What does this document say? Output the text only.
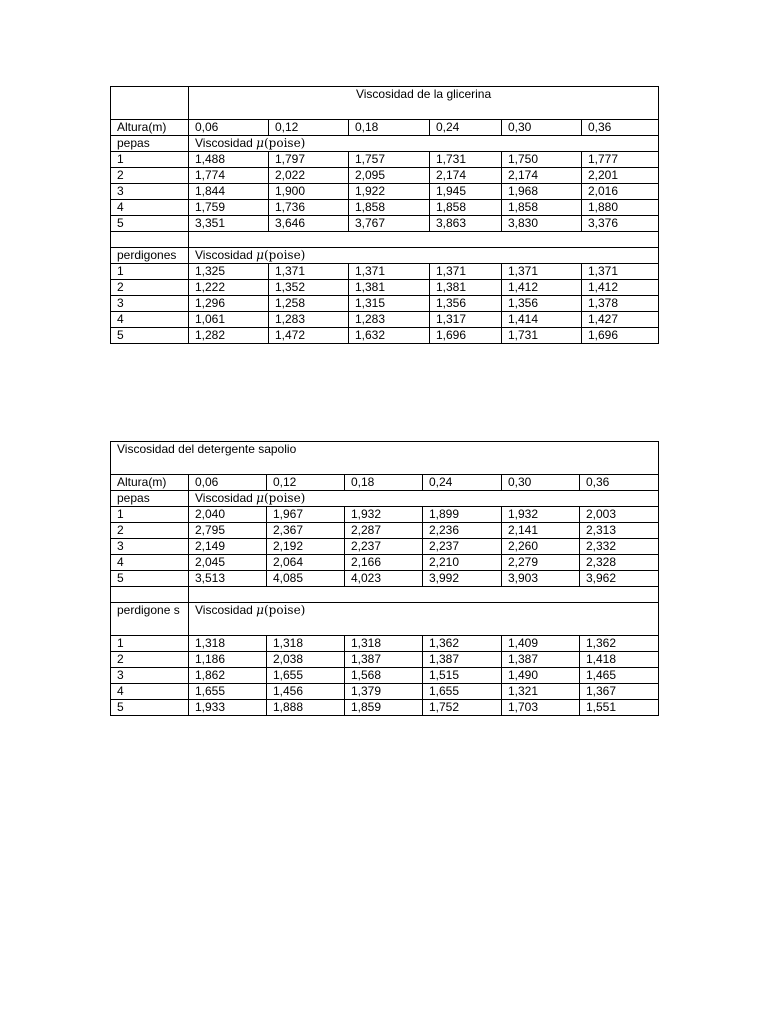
	Viscosidad de la glicerina					
Altura(m)	0,06	0,12	0,18	0,24	0,30	0,36
pepas	Viscosidad μ(poise)					
1	1,488	1,797	1,757	1,731	1,750	1,777
2	1,774	2,022	2,095	2,174	2,174	2,201
3	1,844	1,900	1,922	1,945	1,968	2,016
4	1,759	1,736	1,858	1,858	1,858	1,880
5	3,351	3,646	3,767	3,863	3,830	3,376

perdigones	Viscosidad μ(poise)					
1	1,325	1,371	1,371	1,371	1,371	1,371
2	1,222	1,352	1,381	1,381	1,412	1,412
3	1,296	1,258	1,315	1,356	1,356	1,378
4	1,061	1,283	1,283	1,317	1,414	1,427
5	1,282	1,472	1,632	1,696	1,731	1,696
Viscosidad del detergente sapolio						
Altura(m)	0,06	0,12	0,18	0,24	0,30	0,36
pepas	Viscosidad μ(poise)					
1	2,040	1,967	1,932	1,899	1,932	2,003
2	2,795	2,367	2,287	2,236	2,141	2,313
3	2,149	2,192	2,237	2,237	2,260	2,332
4	2,045	2,064	2,166	2,210	2,279	2,328
5	3,513	4,085	4,023	3,992	3,903	3,962

perdigone s	Viscosidad μ(poise)					
1	1,318	1,318	1,318	1,362	1,409	1,362
2	1,186	2,038	1,387	1,387	1,387	1,418
3	1,862	1,655	1,568	1,515	1,490	1,465
4	1,655	1,456	1,379	1,655	1,321	1,367
5	1,933	1,888	1,859	1,752	1,703	1,551
